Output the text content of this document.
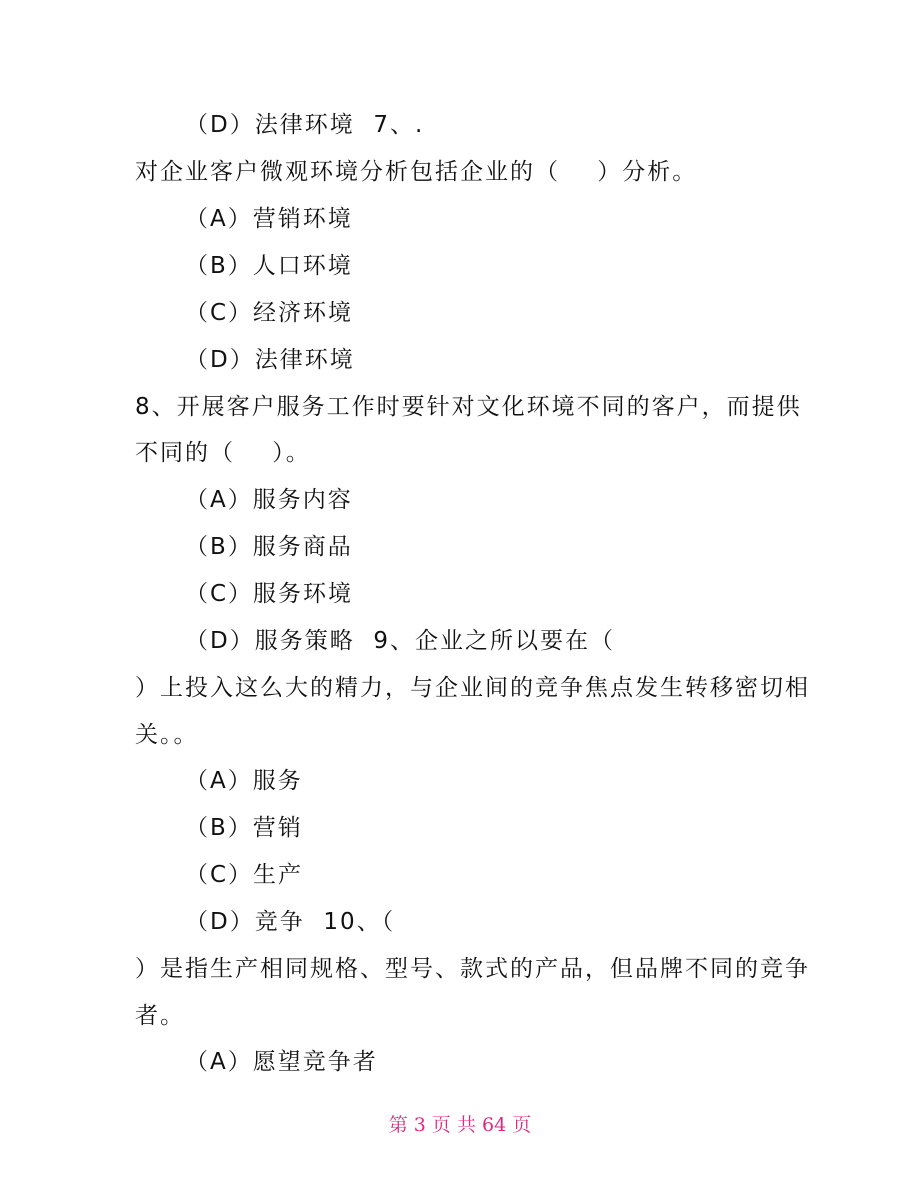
（D）法律环境  7、.
对企业客户微观环境分析包括企业的（    ）分析。
（A）营销环境
（B）人口环境
（C）经济环境
（D）法律环境
8、开展客户服务工作时要针对文化环境不同的客户，而提供
不同的（    ）。
（A）服务内容
（B）服务商品
（C）服务环境
（D）服务策略  9、企业之所以要在（
）上投入这么大的精力，与企业间的竞争焦点发生转移密切相
关。。
（A）服务
（B）营销
（C）生产
（D）竞争  10、（
）是指生产相同规格、型号、款式的产品，但品牌不同的竞争
者。
（A）愿望竞争者
第 3 页 共 64 页
